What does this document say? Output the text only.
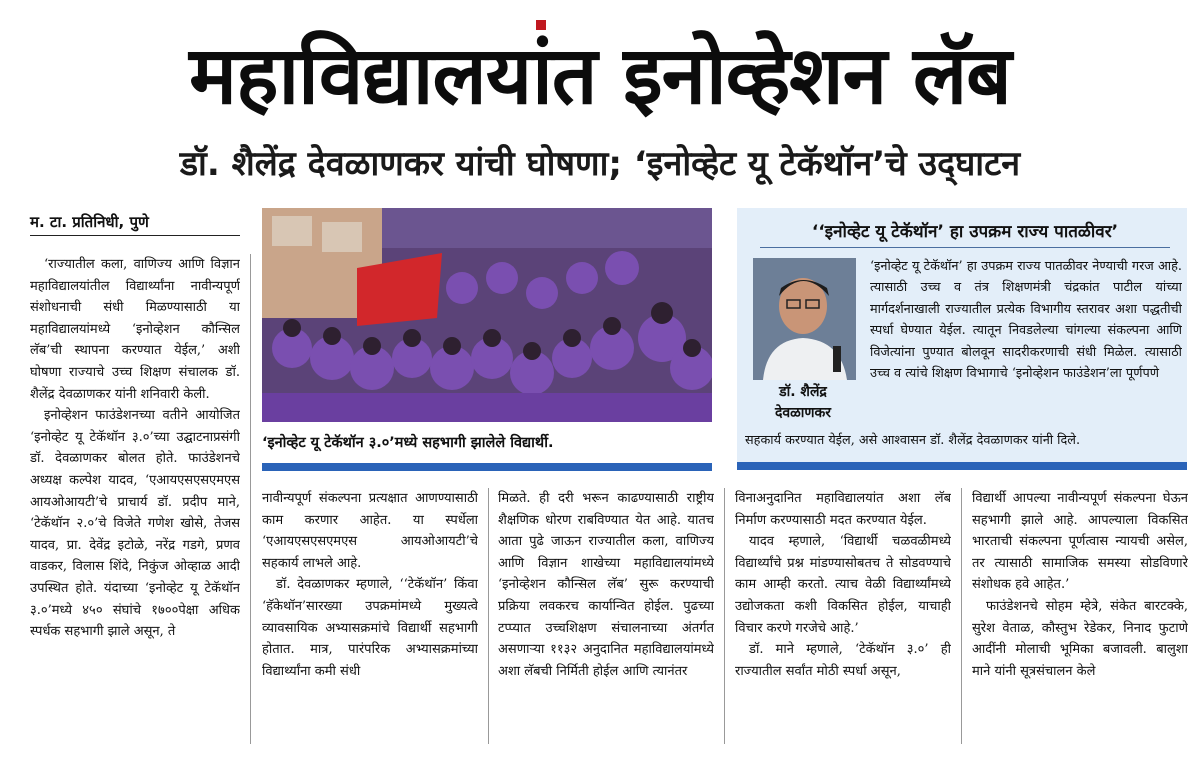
महाविद्यालयांत इनोव्हेशन लॅब
डॉ. शैलेंद्र देवळाणकर यांची घोषणा; ‘इनोव्हेट यू टेकॅथॉन’चे उद्‌घाटन
म. टा. प्रतिनिधी, पुणे

‘राज्यातील कला, वाणिज्य आणि विज्ञान महाविद्यालयांतील विद्यार्थ्यांना नावीन्यपूर्ण संशोधनाची संधी मिळण्यासाठी या महाविद्यालयांमध्ये ‘इनोव्हेशन कौन्सिल लॅब’ची स्थापना करण्यात येईल,’ अशी घोषणा राज्याचे उच्च शिक्षण संचालक डॉ. शैलेंद्र देवळाणकर यांनी शनिवारी केली.

इनोव्हेशन फाउंडेशनच्या वतीने आयोजित ‘इनोव्हेट यू टेकॅथॉन ३.०’च्या उद्घाटनाप्रसंगी डॉ. देवळाणकर बोलत होते. फाउंडेशनचे अध्यक्ष कल्पेश यादव, ‘एआयएसएसएमएस आयओआयटी’चे प्राचार्य डॉ. प्रदीप माने, ‘टेकॅथॉन २.०’चे विजेते गणेश खोसे, तेजस यादव, प्रा. देवेंद्र इटोळे, नरेंद्र गडगे, प्रणव वाडकर, विलास शिंदे, निकुंज ओव्हाळ आदी उपस्थित होते. यंदाच्या ‘इनोव्हेट यू टेकॅथॉन ३.०’मध्ये ४५० संघांचे १७००पेक्षा अधिक स्पर्धक सहभागी झाले असून, ते

‘इनोव्हेट यू टेकॅथॉन ३.०’मध्ये सहभागी झालेले विद्यार्थी.
‘‘इनोव्हेट यू टेकॅथॉन’ हा उपक्रम राज्य पातळीवर’
डॉ. शैलेंद्र
देवळाणकर
‘इनोव्हेट यू टेकॅथॉन’ हा उपक्रम राज्य पातळीवर नेण्याची गरज आहे. त्यासाठी उच्च व तंत्र शिक्षणमंत्री चंद्रकांत पाटील यांच्या मार्गदर्शनाखाली राज्यातील प्रत्येक विभागीय स्तरावर अशा पद्धतीची स्पर्धा घेण्यात येईल. त्यातून निवडलेल्या चांगल्या संकल्पना आणि विजेत्यांना पुण्यात बोलवून सादरीकरणाची संधी मिळेल. त्यासाठी उच्च व त्यांचे शिक्षण विभागाचे ‘इनोव्हेशन फाउंडेशन’ला पूर्णपणे
सहकार्य करण्यात येईल, असे आश्वासन डॉ. शैलेंद्र देवळाणकर यांनी दिले.

नावीन्यपूर्ण संकल्पना प्रत्यक्षात आणण्यासाठी काम करणार आहेत. या स्पर्धेला ‘एआयएसएसएमएस आयओआयटी’चे सहकार्य लाभले आहे.

डॉ. देवळाणकर म्हणाले, ‘‘टेकॅथॉन’ किंवा ‘हॅकेथॉन’सारख्या उपक्रमांमध्ये मुख्यत्वे व्यावसायिक अभ्यासक्रमांचे विद्यार्थी सहभागी होतात. मात्र, पारंपरिक अभ्यासक्रमांच्या विद्यार्थ्यांना कमी संधी

मिळते. ही दरी भरून काढण्यासाठी राष्ट्रीय शैक्षणिक धोरण राबविण्यात येत आहे. यातच आता पुढे जाऊन राज्यातील कला, वाणिज्य आणि विज्ञान शाखेच्या महाविद्यालयांमध्ये ‘इनोव्हेशन कौन्सिल लॅब’ सुरू करण्याची प्रक्रिया लवकरच कार्यान्वित होईल. पुढच्या टप्प्यात उच्चशिक्षण संचालनाच्या अंतर्गत असणाऱ्या ११३२ अनुदानित महाविद्यालयांमध्ये अशा लॅबची निर्मिती होईल आणि त्यानंतर

विनाअनुदानित महाविद्यालयांत अशा लॅब निर्माण करण्यासाठी मदत करण्यात येईल.

यादव म्हणाले, ‘विद्यार्थी चळवळीमध्ये विद्यार्थ्यांचे प्रश्न मांडण्यासोबतच ते सोडवण्याचे काम आम्ही करतो. त्याच वेळी विद्यार्थ्यांमध्ये उद्योजकता कशी विकसित होईल, याचाही विचार करणे गरजेचे आहे.’

डॉ. माने म्हणाले, ‘टेकॅथॉन ३.०’ ही राज्यातील सर्वांत मोठी स्पर्धा असून,

विद्यार्थी आपल्या नावीन्यपूर्ण संकल्पना घेऊन सहभागी झाले आहे. आपल्याला विकसित भारताची संकल्पना पूर्णत्वास न्यायची असेल, तर त्यासाठी सामाजिक समस्या सोडविणारे संशोधक हवे आहेत.’

फाउंडेशनचे सोहम म्हेत्रे, संकेत बारटक्के, सुरेश वेताळ, कौस्तुभ रेडेकर, निनाद फुटाणे आदींनी मोलाची भूमिका बजावली. बालुशा माने यांनी सूत्रसंचालन केले
